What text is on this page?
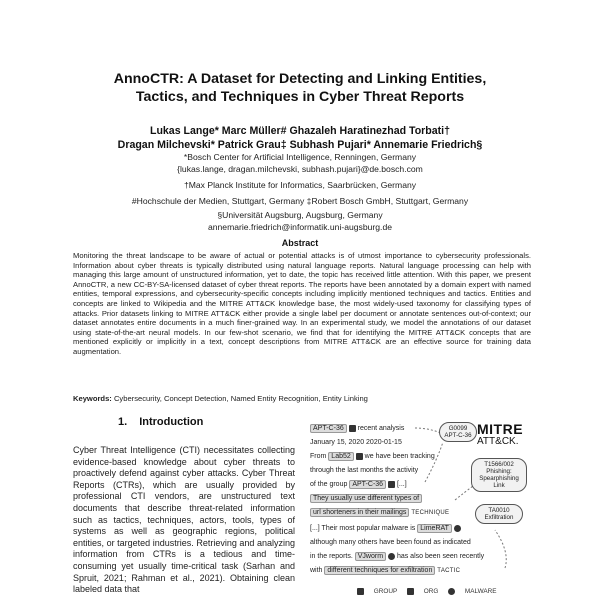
AnnoCTR: A Dataset for Detecting and Linking Entities,
Tactics, and Techniques in Cyber Threat Reports
Lukas Lange* Marc Müller# Ghazaleh Haratinezhad Torbati†
Dragan Milchevski* Patrick Grau‡ Subhash Pujari* Annemarie Friedrich§
*Bosch Center for Artificial Intelligence, Renningen, Germany
{lukas.lange, dragan.milchevski, subhash.pujari}@de.bosch.com
†Max Planck Institute for Informatics, Saarbrücken, Germany
#Hochschule der Medien, Stuttgart, Germany ‡Robert Bosch GmbH, Stuttgart, Germany
§Universität Augsburg, Augsburg, Germany
annemarie.friedrich@informatik.uni-augsburg.de
Abstract
Monitoring the threat landscape to be aware of actual or potential attacks is of utmost importance to cybersecurity professionals. Information about cyber threats is typically distributed using natural language reports. Natural language processing can help with managing this large amount of unstructured information, yet to date, the topic has received little attention. With this paper, we present AnnoCTR, a new CC-BY-SA-licensed dataset of cyber threat reports. The reports have been annotated by a domain expert with named entities, temporal expressions, and cybersecurity-specific concepts including implicitly mentioned techniques and tactics. Entities and concepts are linked to Wikipedia and the MITRE ATT&CK knowledge base, the most widely-used taxonomy for classifying types of attacks. Prior datasets linking to MITRE ATT&CK either provide a single label per document or annotate sentences out-of-context; our dataset annotates entire documents in a much finer-grained way. In an experimental study, we model the annotations of our dataset using state-of-the-art neural models. In our few-shot scenario, we find that for identifying the MITRE ATT&CK concepts that are mentioned explicitly or implicitly in a text, concept descriptions from MITRE ATT&CK are an effective source for training data augmentation.
Keywords: Cybersecurity, Concept Detection, Named Entity Recognition, Entity Linking
1. Introduction
Cyber Threat Intelligence (CTI) necessitates collecting evidence-based knowledge about cyber threats to proactively defend against cyber attacks. Cyber Threat Reports (CTRs), which are usually provided by professional CTI vendors, are unstructured text documents that describe threat-related information such as tactics, techniques, actors, tools, types of systems as well as geographic regions, political entities, or targeted industries. Retrieving and analyzing information from CTRs is a tedious and time-consuming yet usually time-critical task (Sarhan and Spruit, 2021; Rahman et al., 2021). Obtaining clean labeled data that
APT-C-36 recent analysis
January 15, 2020 2020-01-15
From Lab52 we have been tracking
through the last months the activity
of the group APT-C-36 [...]
They usually use different types of
url shorteners in their mailings TECHNIQUE
[...] Their most popular malware is LimeRAT
although many others have been found as indicated
in the reports. VJworm has also been seen recently
with different techniques for exfiltration TACTIC
G0099 APT-C-36 MITRE
ATT&CK.
T1566/002 Phishing: Spearphishing Link
TA0010 Exfiltration
GROUP	ORG	MALWARE
